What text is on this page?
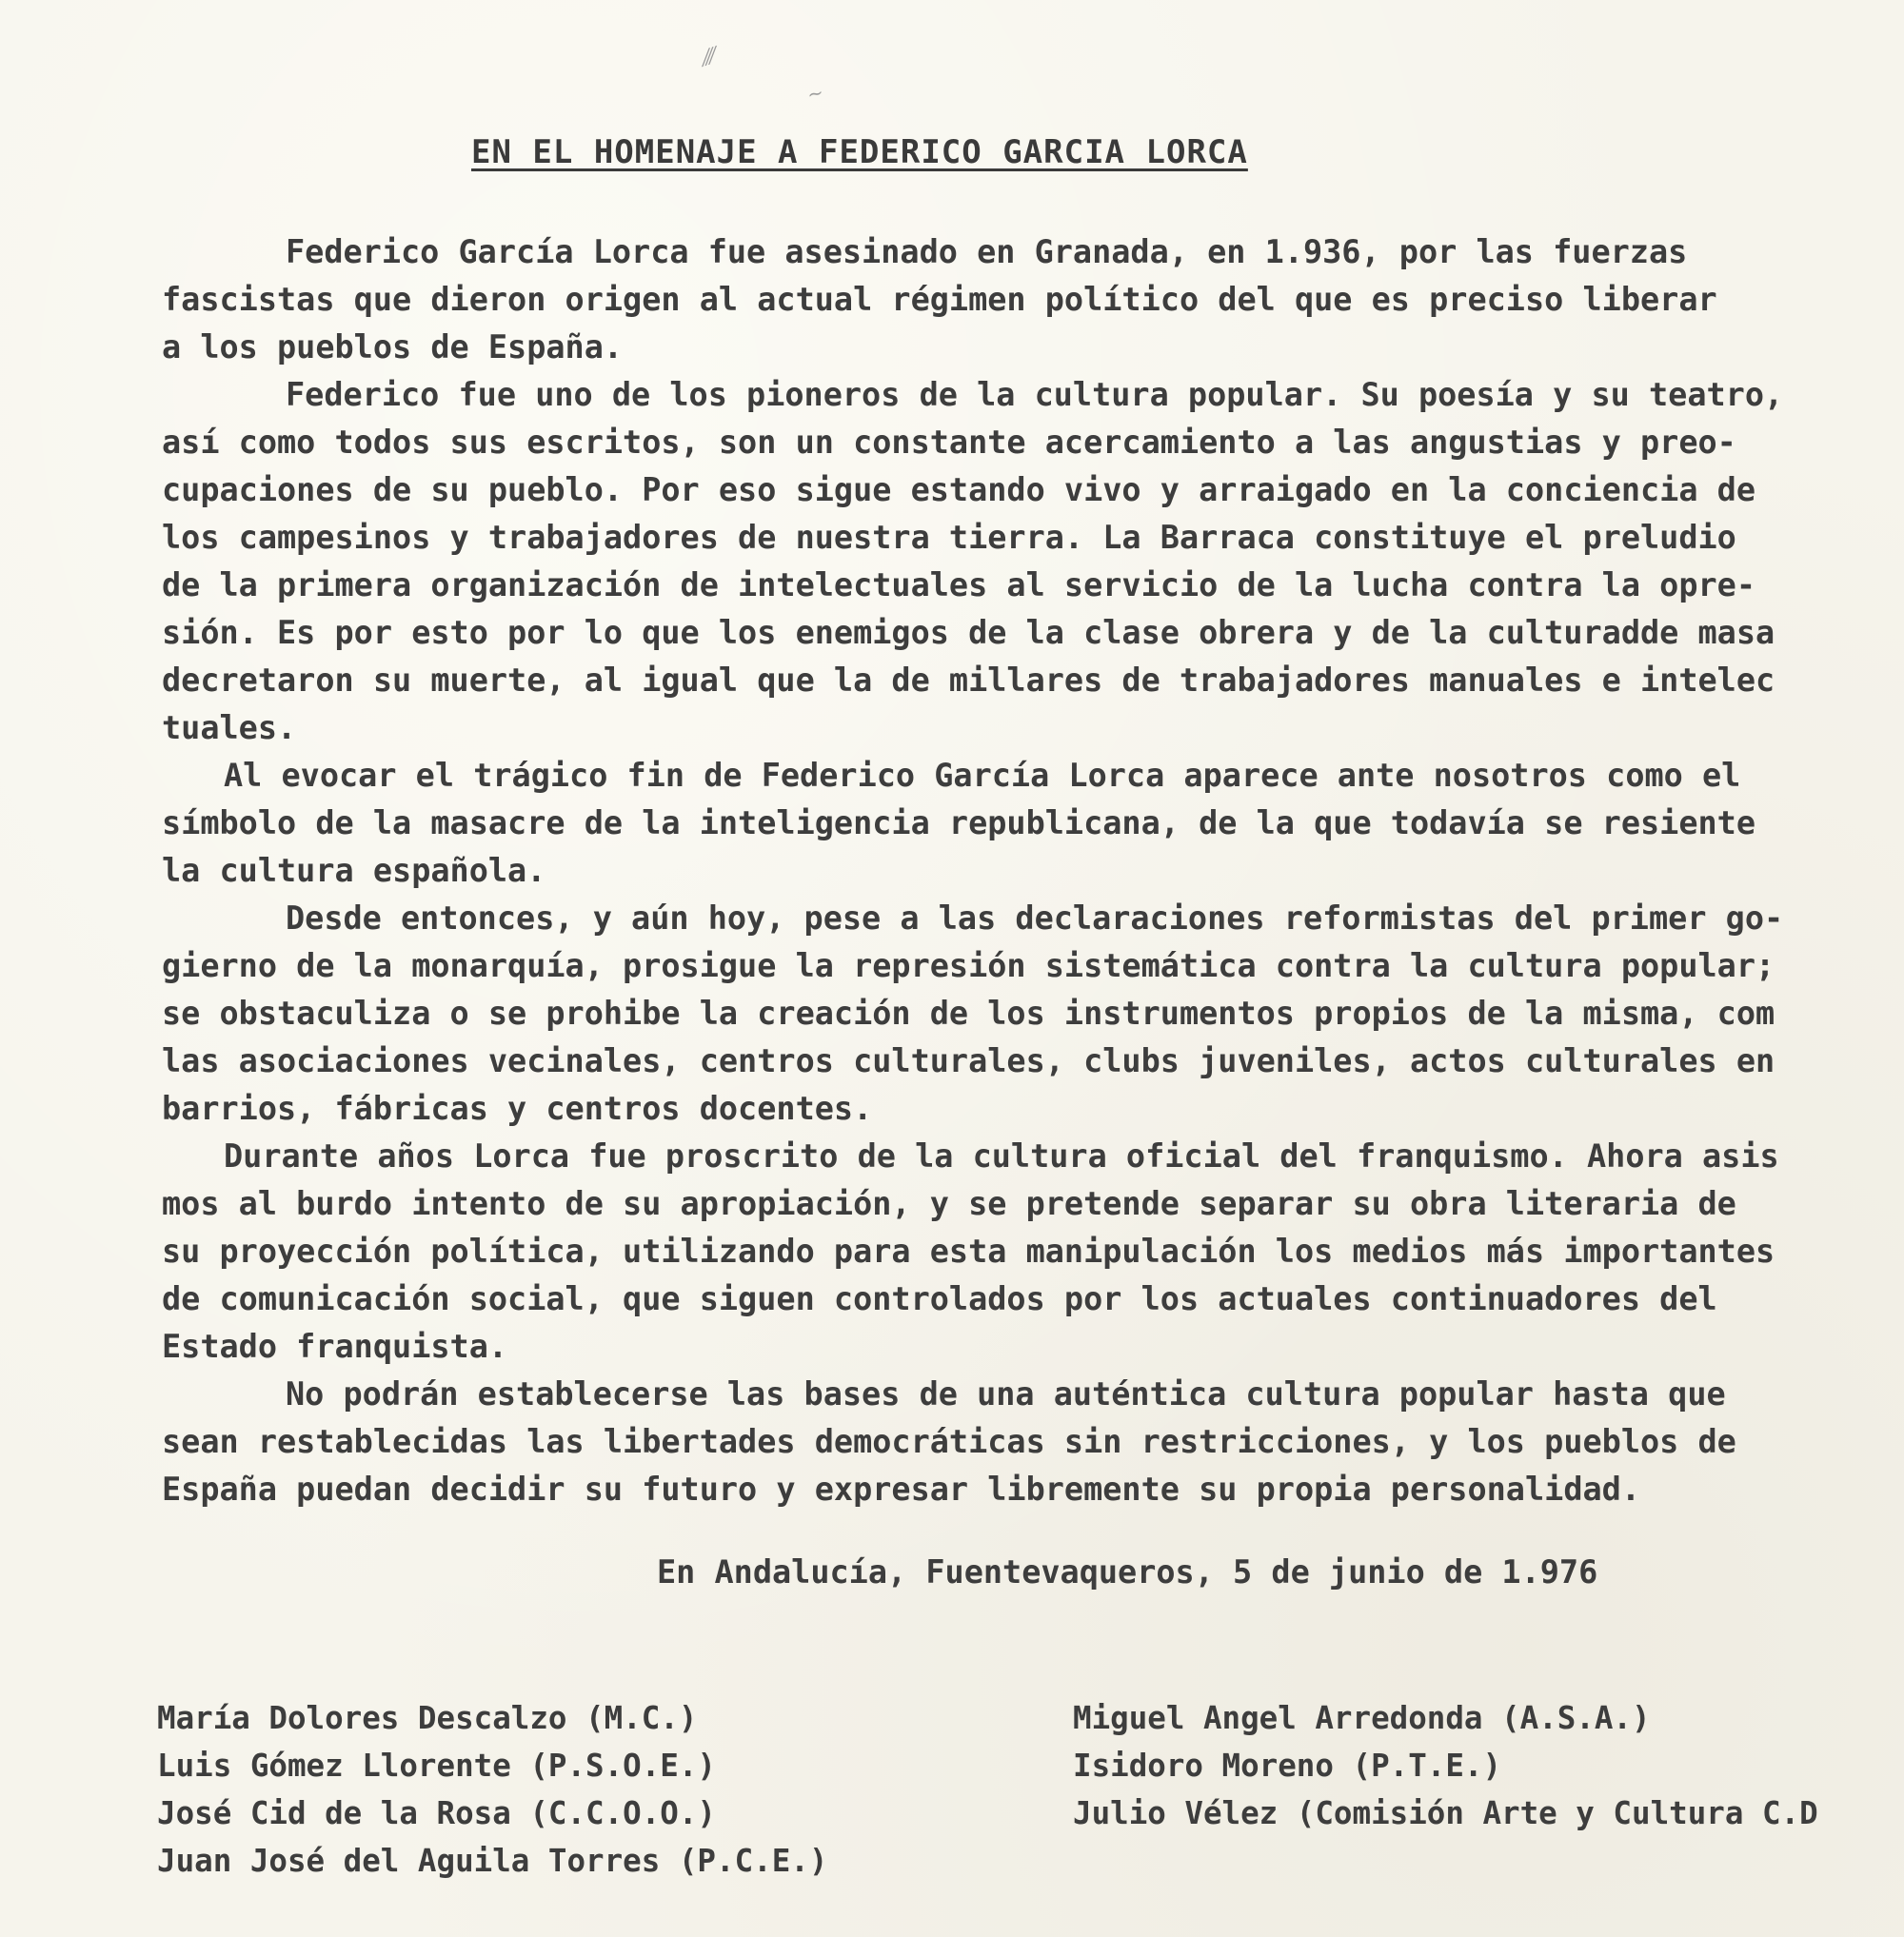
⁄⁄⁄
~
EN EL HOMENAJE A FEDERICO GARCIA LORCA
Federico García Lorca fue asesinado en Granada, en 1.936, por las fuerzas
fascistas que dieron origen al actual régimen político del que es preciso liberar
a los pueblos de España.
Federico fue uno de los pioneros de la cultura popular. Su poesía y su teatro,
así como todos sus escritos, son un constante acercamiento a las angustias y preo-
cupaciones de su pueblo. Por eso sigue estando vivo y arraigado en la conciencia de
los campesinos y trabajadores de nuestra tierra. La Barraca constituye el preludio
de la primera organización de intelectuales al servicio de la lucha contra la opre-
sión. Es por esto por lo que los enemigos de la clase obrera y de la culturadde masa
decretaron su muerte, al igual que la de millares de trabajadores manuales e intelec
tuales.
Al evocar el trágico fin de Federico García Lorca aparece ante nosotros como el
símbolo de la masacre de la inteligencia republicana, de la que todavía se resiente
la cultura española.
Desde entonces, y aún hoy, pese a las declaraciones reformistas del primer go-
gierno de la monarquía, prosigue la represión sistemática contra la cultura popular;
se obstaculiza o se prohibe la creación de los instrumentos propios de la misma, com
las asociaciones vecinales, centros culturales, clubs juveniles, actos culturales en
barrios, fábricas y centros docentes.
Durante años Lorca fue proscrito de la cultura oficial del franquismo. Ahora asis
mos al burdo intento de su apropiación, y se pretende separar su obra literaria de
su proyección política, utilizando para esta manipulación los medios más importantes
de comunicación social, que siguen controlados por los actuales continuadores del
Estado franquista.
No podrán establecerse las bases de una auténtica cultura popular hasta que
sean restablecidas las libertades democráticas sin restricciones, y los pueblos de
España puedan decidir su futuro y expresar libremente su propia personalidad.
En Andalucía, Fuentevaqueros, 5 de junio de 1.976
María Dolores Descalzo (M.C.)
Luis Gómez Llorente (P.S.O.E.)
José Cid de la Rosa (C.C.O.O.)
Juan José del Aguila Torres (P.C.E.)
Miguel Angel Arredonda (A.S.A.)
Isidoro Moreno (P.T.E.)
Julio Vélez (Comisión Arte y Cultura C.D
